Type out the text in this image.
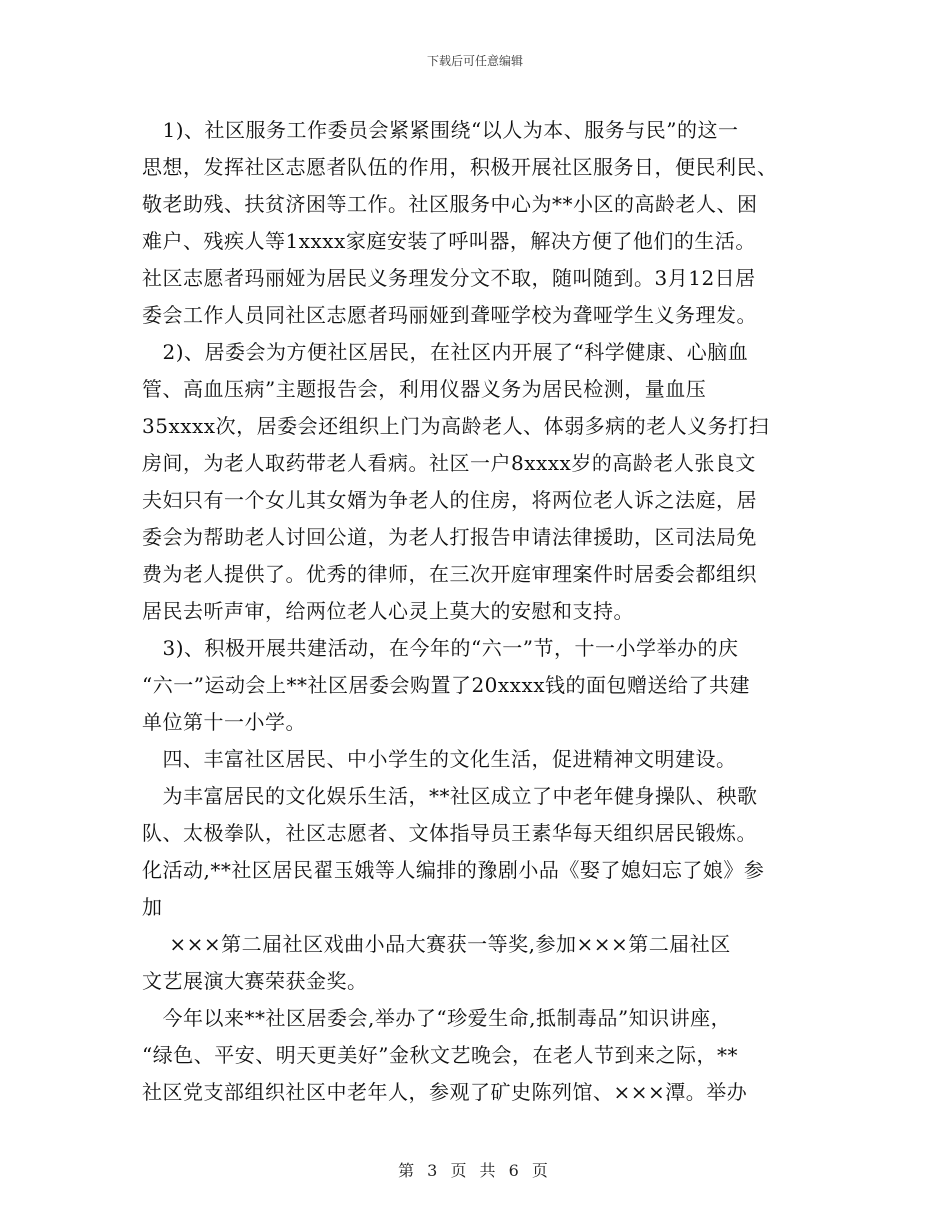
下载后可任意编辑
　1)、社区服务工作委员会紧紧围绕“以人为本、服务与民”的这一
思想，发挥社区志愿者队伍的作用，积极开展社区服务日，便民利民、
敬老助残、扶贫济困等工作。社区服务中心为**小区的高龄老人、困
难户、残疾人等1xxxx家庭安装了呼叫器，解决方便了他们的生活。
社区志愿者玛丽娅为居民义务理发分文不取，随叫随到。3月12日居
委会工作人员同社区志愿者玛丽娅到聋哑学校为聋哑学生义务理发。
　2)、居委会为方便社区居民，在社区内开展了“科学健康、心脑血
管、高血压病”主题报告会，利用仪器义务为居民检测，量血压
35xxxx次，居委会还组织上门为高龄老人、体弱多病的老人义务打扫
房间，为老人取药带老人看病。社区一户8xxxx岁的高龄老人张良文
夫妇只有一个女儿其女婿为争老人的住房，将两位老人诉之法庭，居
委会为帮助老人讨回公道，为老人打报告申请法律援助，区司法局免
费为老人提供了。优秀的律师，在三次开庭审理案件时居委会都组织
居民去听声审，给两位老人心灵上莫大的安慰和支持。
　3)、积极开展共建活动，在今年的“六一”节，十一小学举办的庆
“六一”运动会上**社区居委会购置了20xxxx钱的面包赠送给了共建
单位第十一小学。
　四、丰富社区居民、中小学生的文化生活，促进精神文明建设。
　为丰富居民的文化娱乐生活，**社区成立了中老年健身操队、秧歌
队、太极拳队，社区志愿者、文体指导员王素华每天组织居民锻炼。
化活动,**社区居民翟玉娥等人编排的豫剧小品《娶了媳妇忘了娘》参
加
　 ×××第二届社区戏曲小品大赛获一等奖,参加×××第二届社区
文艺展演大赛荣获金奖。
　今年以来**社区居委会,举办了“珍爱生命,抵制毒品”知识讲座，
“绿色、平安、明天更美好”金秋文艺晚会，在老人节到来之际，**
社区党支部组织社区中老年人，参观了矿史陈列馆、×××潭。举办
第 3 页 共 6 页
